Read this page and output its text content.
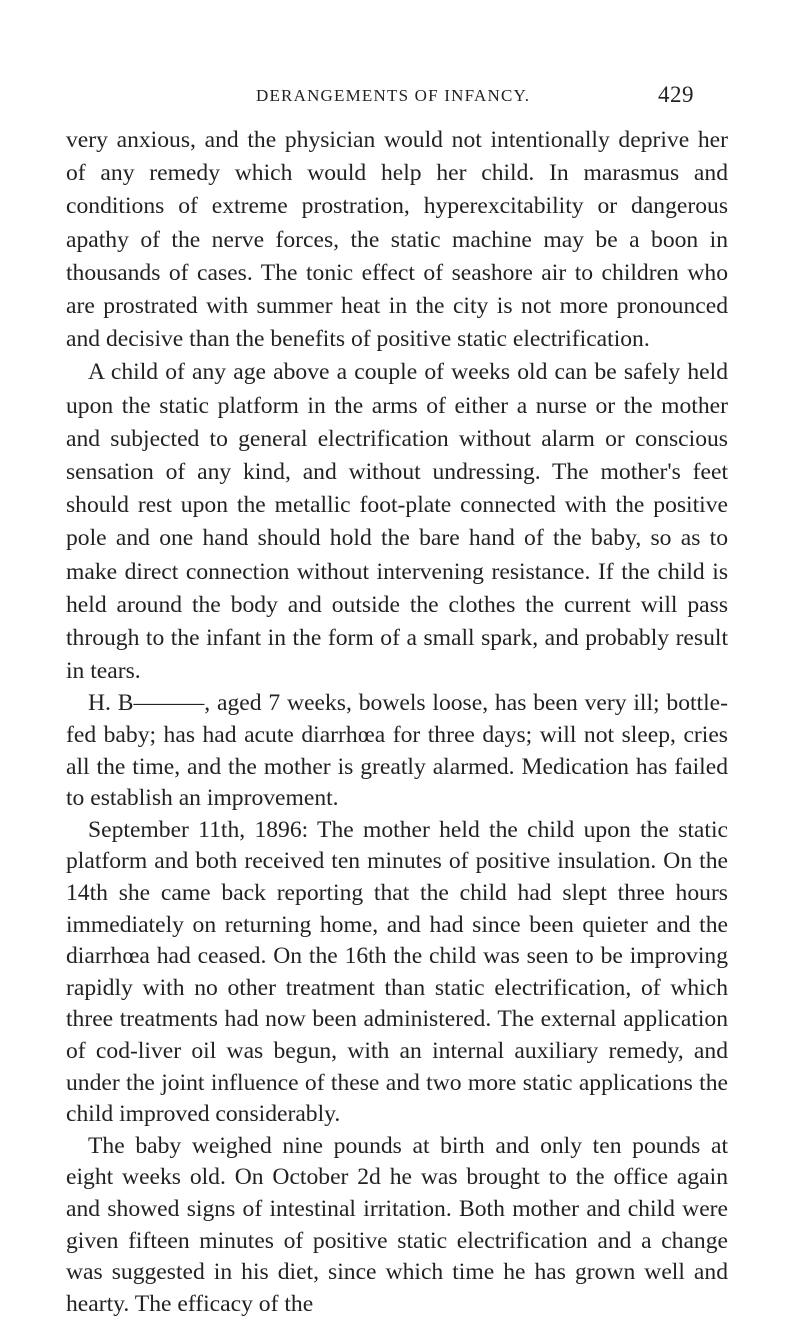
DERANGEMENTS OF INFANCY.	429

very anxious, and the physician would not intentionally deprive her of any remedy which would help her child. In marasmus and conditions of extreme prostration, hyperexcitability or dangerous apathy of the nerve forces, the static machine may be a boon in thousands of cases. The tonic effect of seashore air to children who are prostrated with summer heat in the city is not more pronounced and decisive than the benefits of positive static electrification.

A child of any age above a couple of weeks old can be safely held upon the static platform in the arms of either a nurse or the mother and subjected to general electrification without alarm or conscious sensation of any kind, and without undressing. The mother's feet should rest upon the metallic foot-plate connected with the positive pole and one hand should hold the bare hand of the baby, so as to make direct connection without intervening resistance. If the child is held around the body and outside the clothes the current will pass through to the infant in the form of a small spark, and probably result in tears.

H. B———, aged 7 weeks, bowels loose, has been very ill; bottle-fed baby; has had acute diarrhœa for three days; will not sleep, cries all the time, and the mother is greatly alarmed. Medication has failed to establish an improvement.

September 11th, 1896: The mother held the child upon the static platform and both received ten minutes of positive insulation. On the 14th she came back reporting that the child had slept three hours immediately on returning home, and had since been quieter and the diarrhœa had ceased. On the 16th the child was seen to be improving rapidly with no other treatment than static electrification, of which three treatments had now been administered. The external application of cod-liver oil was begun, with an internal auxiliary remedy, and under the joint influence of these and two more static applications the child improved considerably.

The baby weighed nine pounds at birth and only ten pounds at eight weeks old. On October 2d he was brought to the office again and showed signs of intestinal irritation. Both mother and child were given fifteen minutes of positive static electrification and a change was suggested in his diet, since which time he has grown well and hearty. The efficacy of the
